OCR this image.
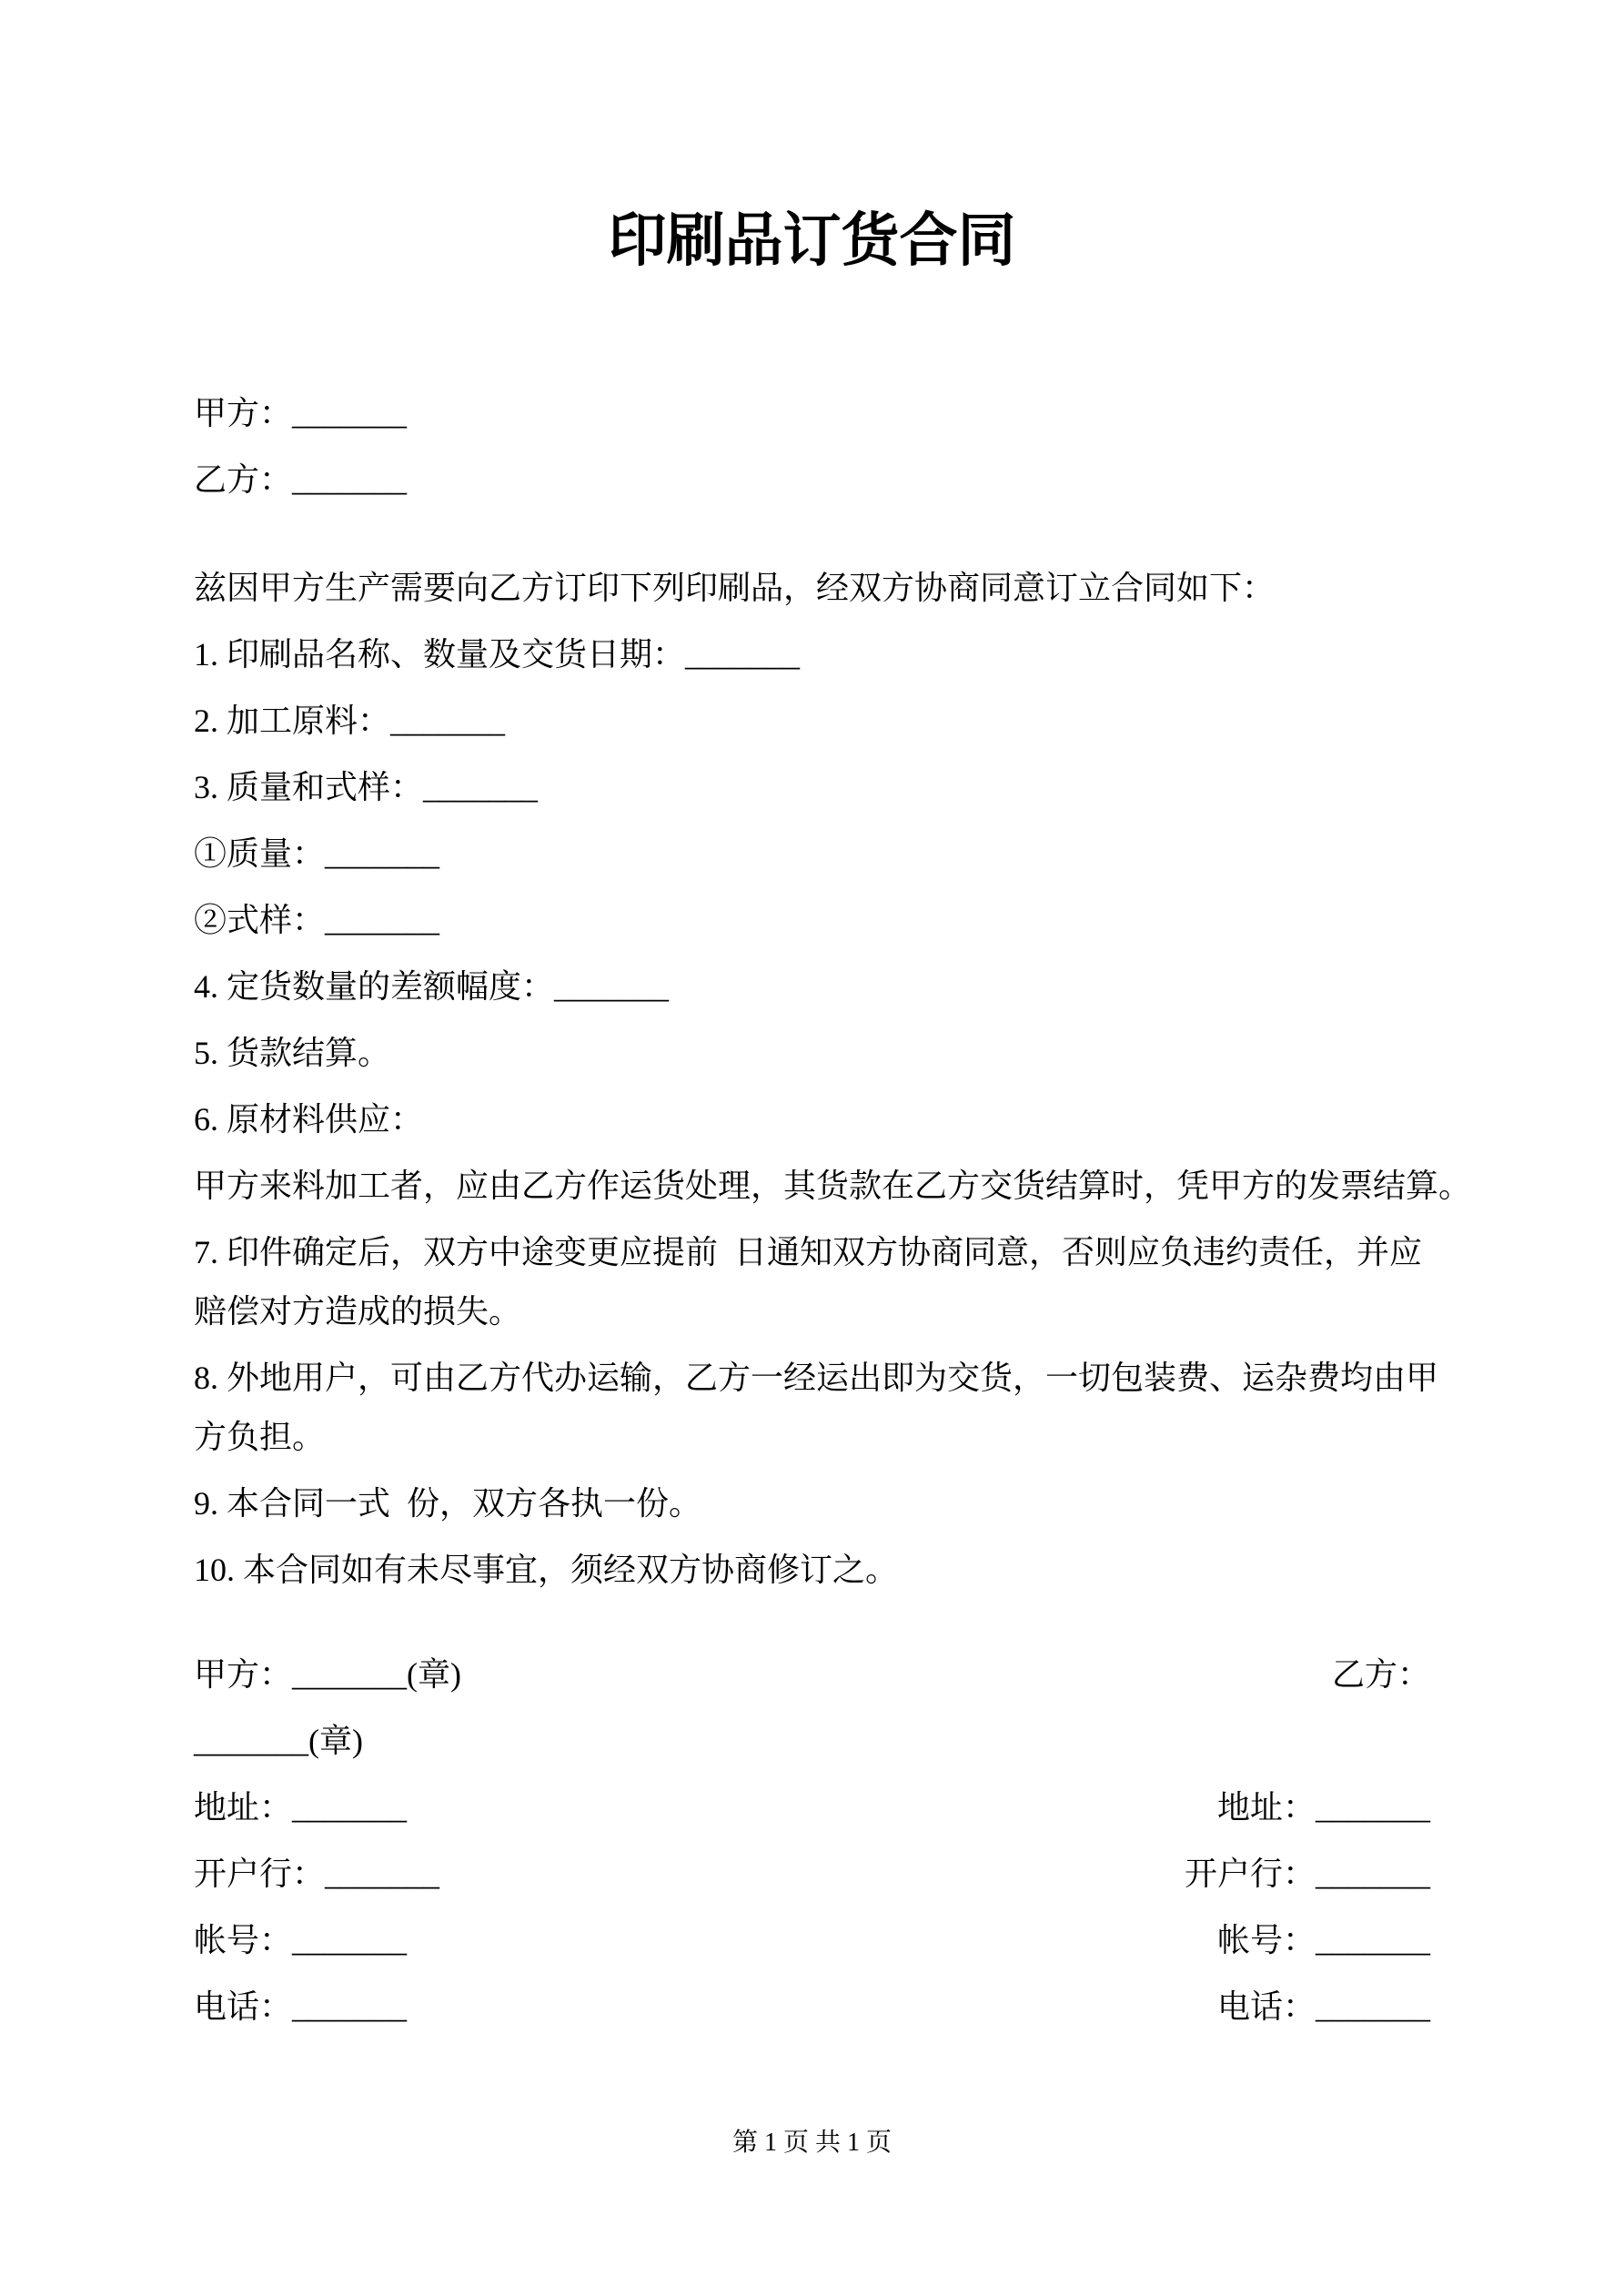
印刷品订货合同

甲方：_______

乙方：_______

兹因甲方生产需要向乙方订印下列印刷品，经双方协商同意订立合同如下：

1. 印刷品名称、数量及交货日期：_______

2. 加工原料：_______

3. 质量和式样：_______

①质量：_______

②式样：_______

4. 定货数量的差额幅度：_______

5. 货款结算。

6. 原材料供应：

甲方来料加工者，应由乙方作运货处理，其货款在乙方交货结算时，凭甲方的发票结算。

7. 印件确定后，双方中途变更应提前  日通知双方协商同意，否则应负违约责任，并应

赔偿对方造成的损失。

8. 外地用户，可由乙方代办运输，乙方一经运出即为交货，一切包装费、运杂费均由甲

方负担。

9. 本合同一式  份，双方各执一份。

10. 本合同如有未尽事宜，须经双方协商修订之。

甲方：_______(章)	乙方：

_______(章)

地址：_______	地址：_______

开户行：_______	开户行：_______

帐号：_______	帐号：_______

电话：_______	电话：_______

第 1 页 共 1 页
